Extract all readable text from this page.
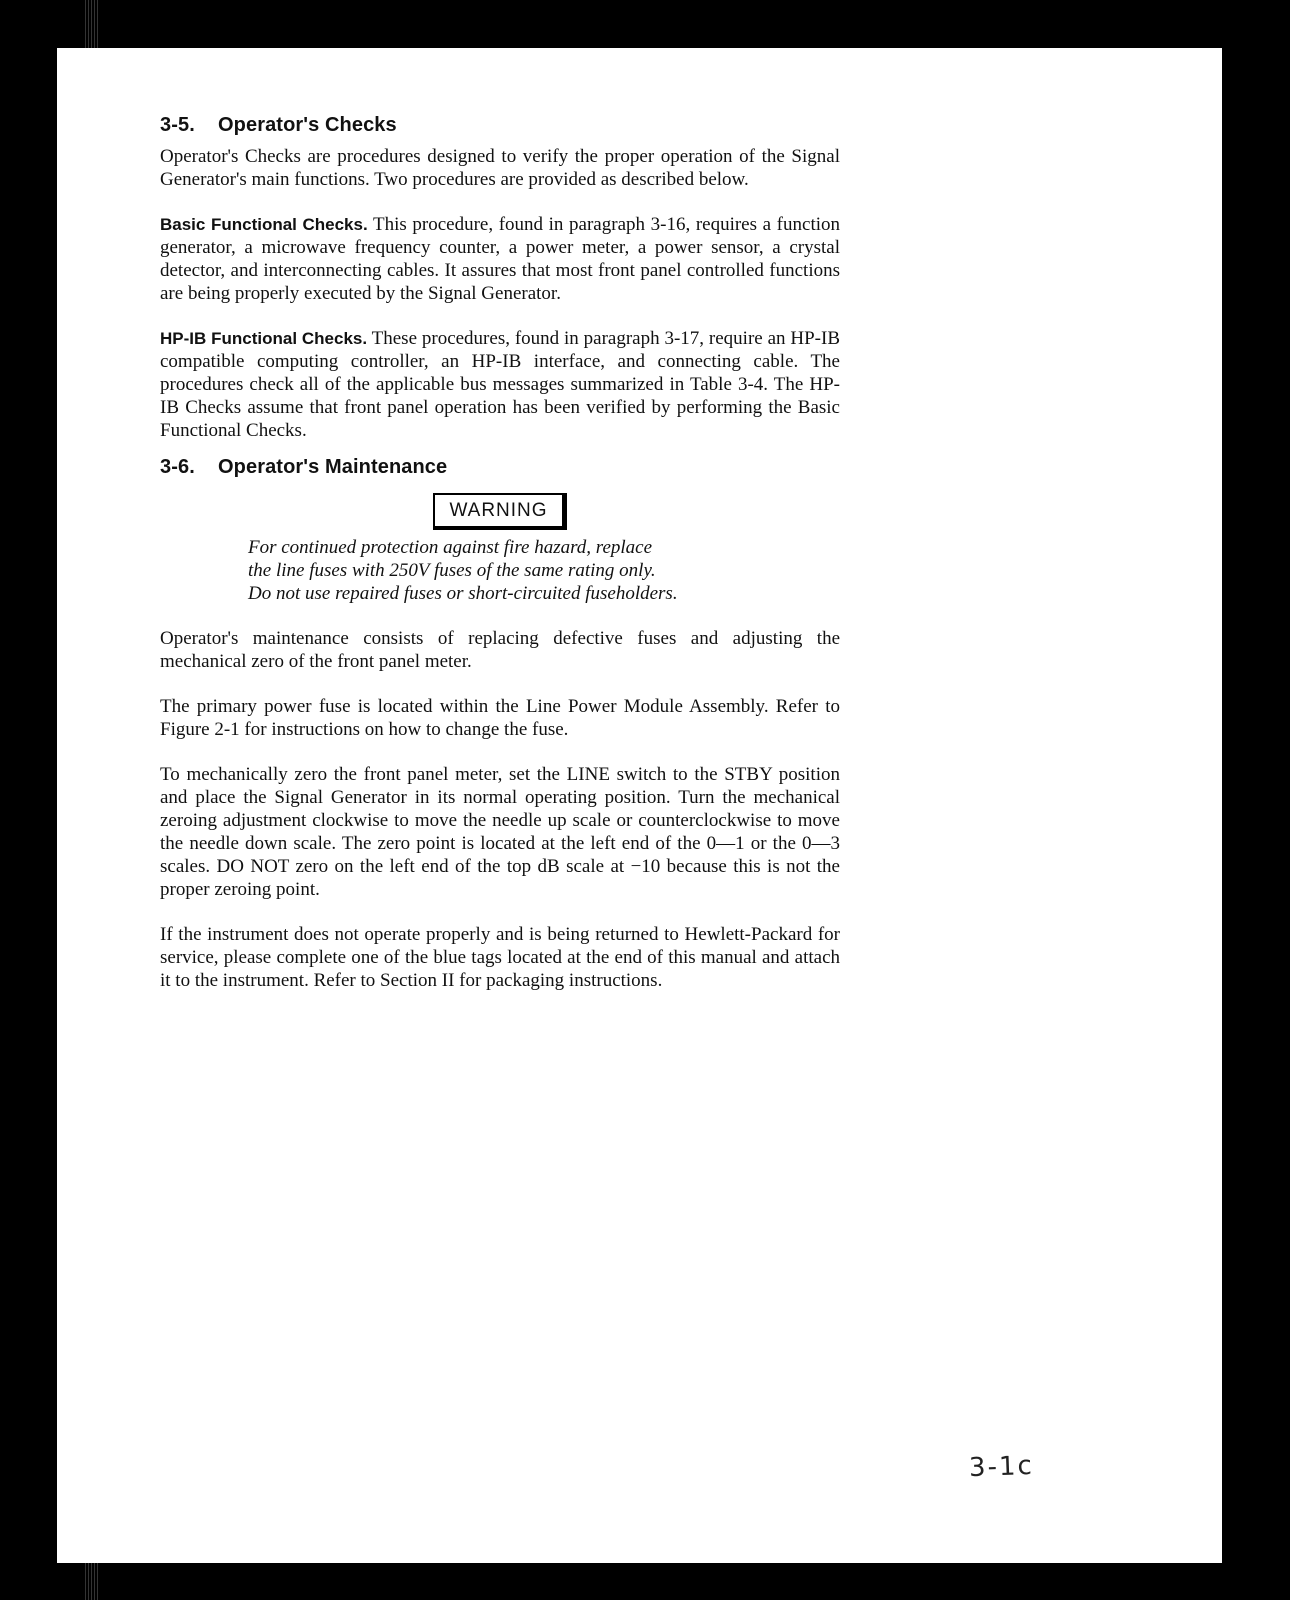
3-5. Operator's Checks

Operator's Checks are procedures designed to verify the proper operation of the Signal Generator's main functions. Two procedures are provided as described below.

Basic Functional Checks. This procedure, found in paragraph 3-16, requires a function generator, a microwave frequency counter, a power meter, a power sensor, a crystal detector, and interconnecting cables. It assures that most front panel controlled functions are being properly executed by the Signal Generator.

HP-IB Functional Checks. These procedures, found in paragraph 3-17, require an HP-IB compatible computing controller, an HP-IB interface, and connecting cable. The procedures check all of the applicable bus messages summarized in Table 3-4. The HP-IB Checks assume that front panel operation has been verified by performing the Basic Functional Checks.

3-6. Operator's Maintenance
WARNING
For continued protection against fire hazard, replace
the line fuses with 250V fuses of the same rating only.
Do not use repaired fuses or short-circuited fuseholders.

Operator's maintenance consists of replacing defective fuses and adjusting the mechanical zero of the front panel meter.

The primary power fuse is located within the Line Power Module Assembly. Refer to Figure 2-1 for instructions on how to change the fuse.

To mechanically zero the front panel meter, set the LINE switch to the STBY position and place the Signal Generator in its normal operating position. Turn the mechanical zeroing adjustment clockwise to move the needle up scale or counterclockwise to move the needle down scale. The zero point is located at the left end of the 0—1 or the 0—3 scales. DO NOT zero on the left end of the top dB scale at −10 because this is not the proper zeroing point.

If the instrument does not operate properly and is being returned to Hewlett-Packard for service, please complete one of the blue tags located at the end of this manual and attach it to the instrument. Refer to Section II for packaging instructions.

3-1c
